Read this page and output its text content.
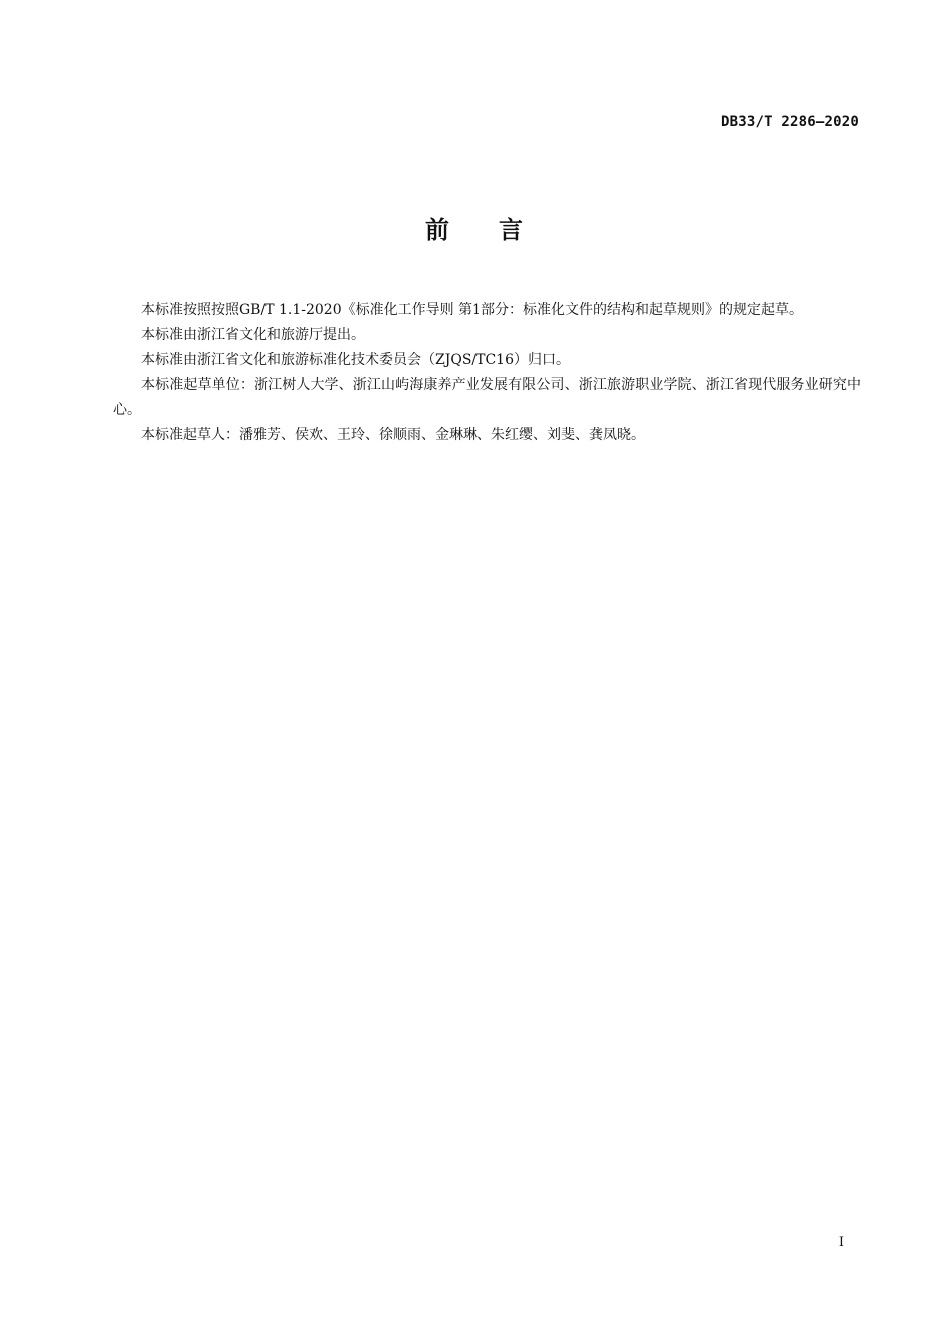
DB33/T 2286—2020
前 言

本标准按照按照GB/T 1.1-2020《标准化工作导则 第1部分：标准化文件的结构和起草规则》的规定起草。

本标准由浙江省文化和旅游厅提出。

本标准由浙江省文化和旅游标准化技术委员会（ZJQS/TC16）归口。

本标准起草单位：浙江树人大学、浙江山屿海康养产业发展有限公司、浙江旅游职业学院、浙江省现代服务业研究中心。

本标准起草人：潘雅芳、侯欢、王玲、徐顺雨、金琳琳、朱红缨、刘斐、龚凤晓。

I
